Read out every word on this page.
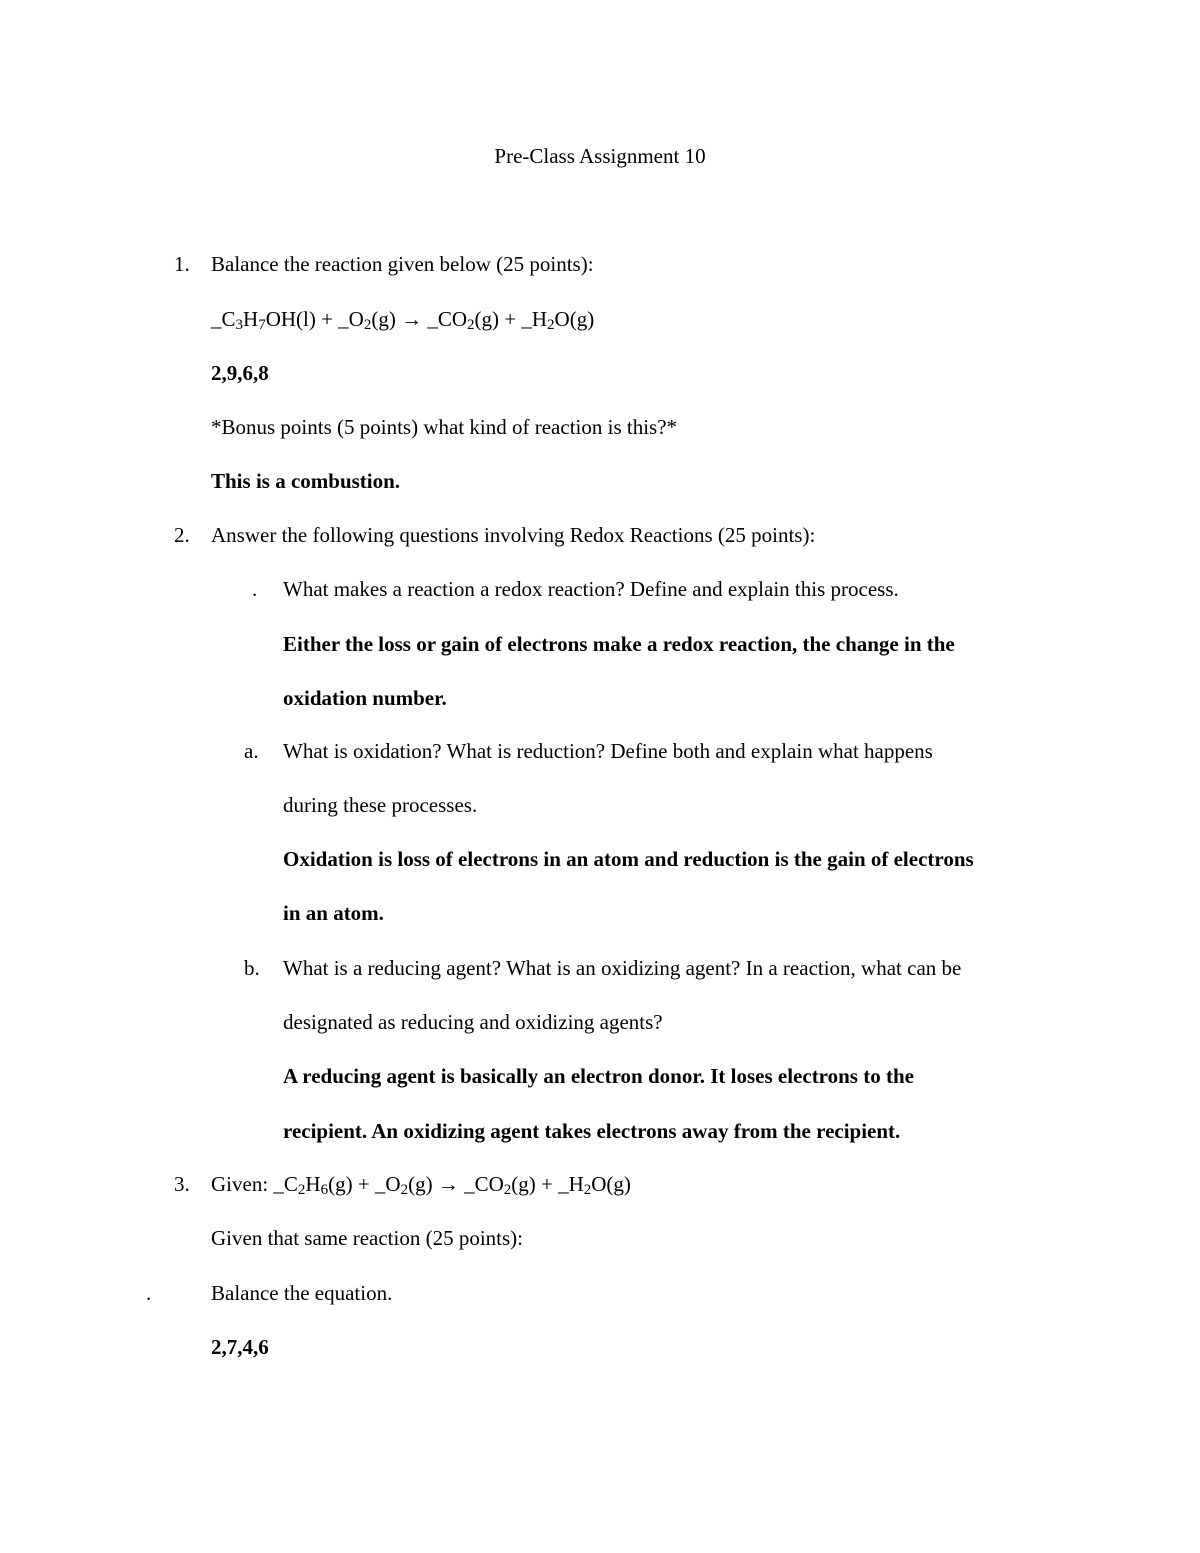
Pre-Class Assignment 10
1. Balance the reaction given below (25 points):
$\_C_3H_7OH(l)$ + $\_O_2(g)$ → $\_CO_2(g)$ + $\_H_2O(g)$
2,9,6,8
*Bonus points (5 points) what kind of reaction is this?*
This is a combustion.
2. Answer the following questions involving Redox Reactions (25 points):
. What makes a reaction a redox reaction? Define and explain this process.
Either the loss or gain of electrons make a redox reaction, the change in the
oxidation number.
a. What is oxidation? What is reduction? Define both and explain what happens
during these processes.
Oxidation is loss of electrons in an atom and reduction is the gain of electrons
in an atom.
b. What is a reducing agent? What is an oxidizing agent? In a reaction, what can be
designated as reducing and oxidizing agents?
A reducing agent is basically an electron donor. It loses electrons to the
recipient. An oxidizing agent takes electrons away from the recipient.
3. Given: $\_C_2H_6(g)$ + $\_O_2(g)$ → $\_CO_2(g)$ + $\_H_2O(g)$
Given that same reaction (25 points):
.	Balance the equation.
2,7,4,6
